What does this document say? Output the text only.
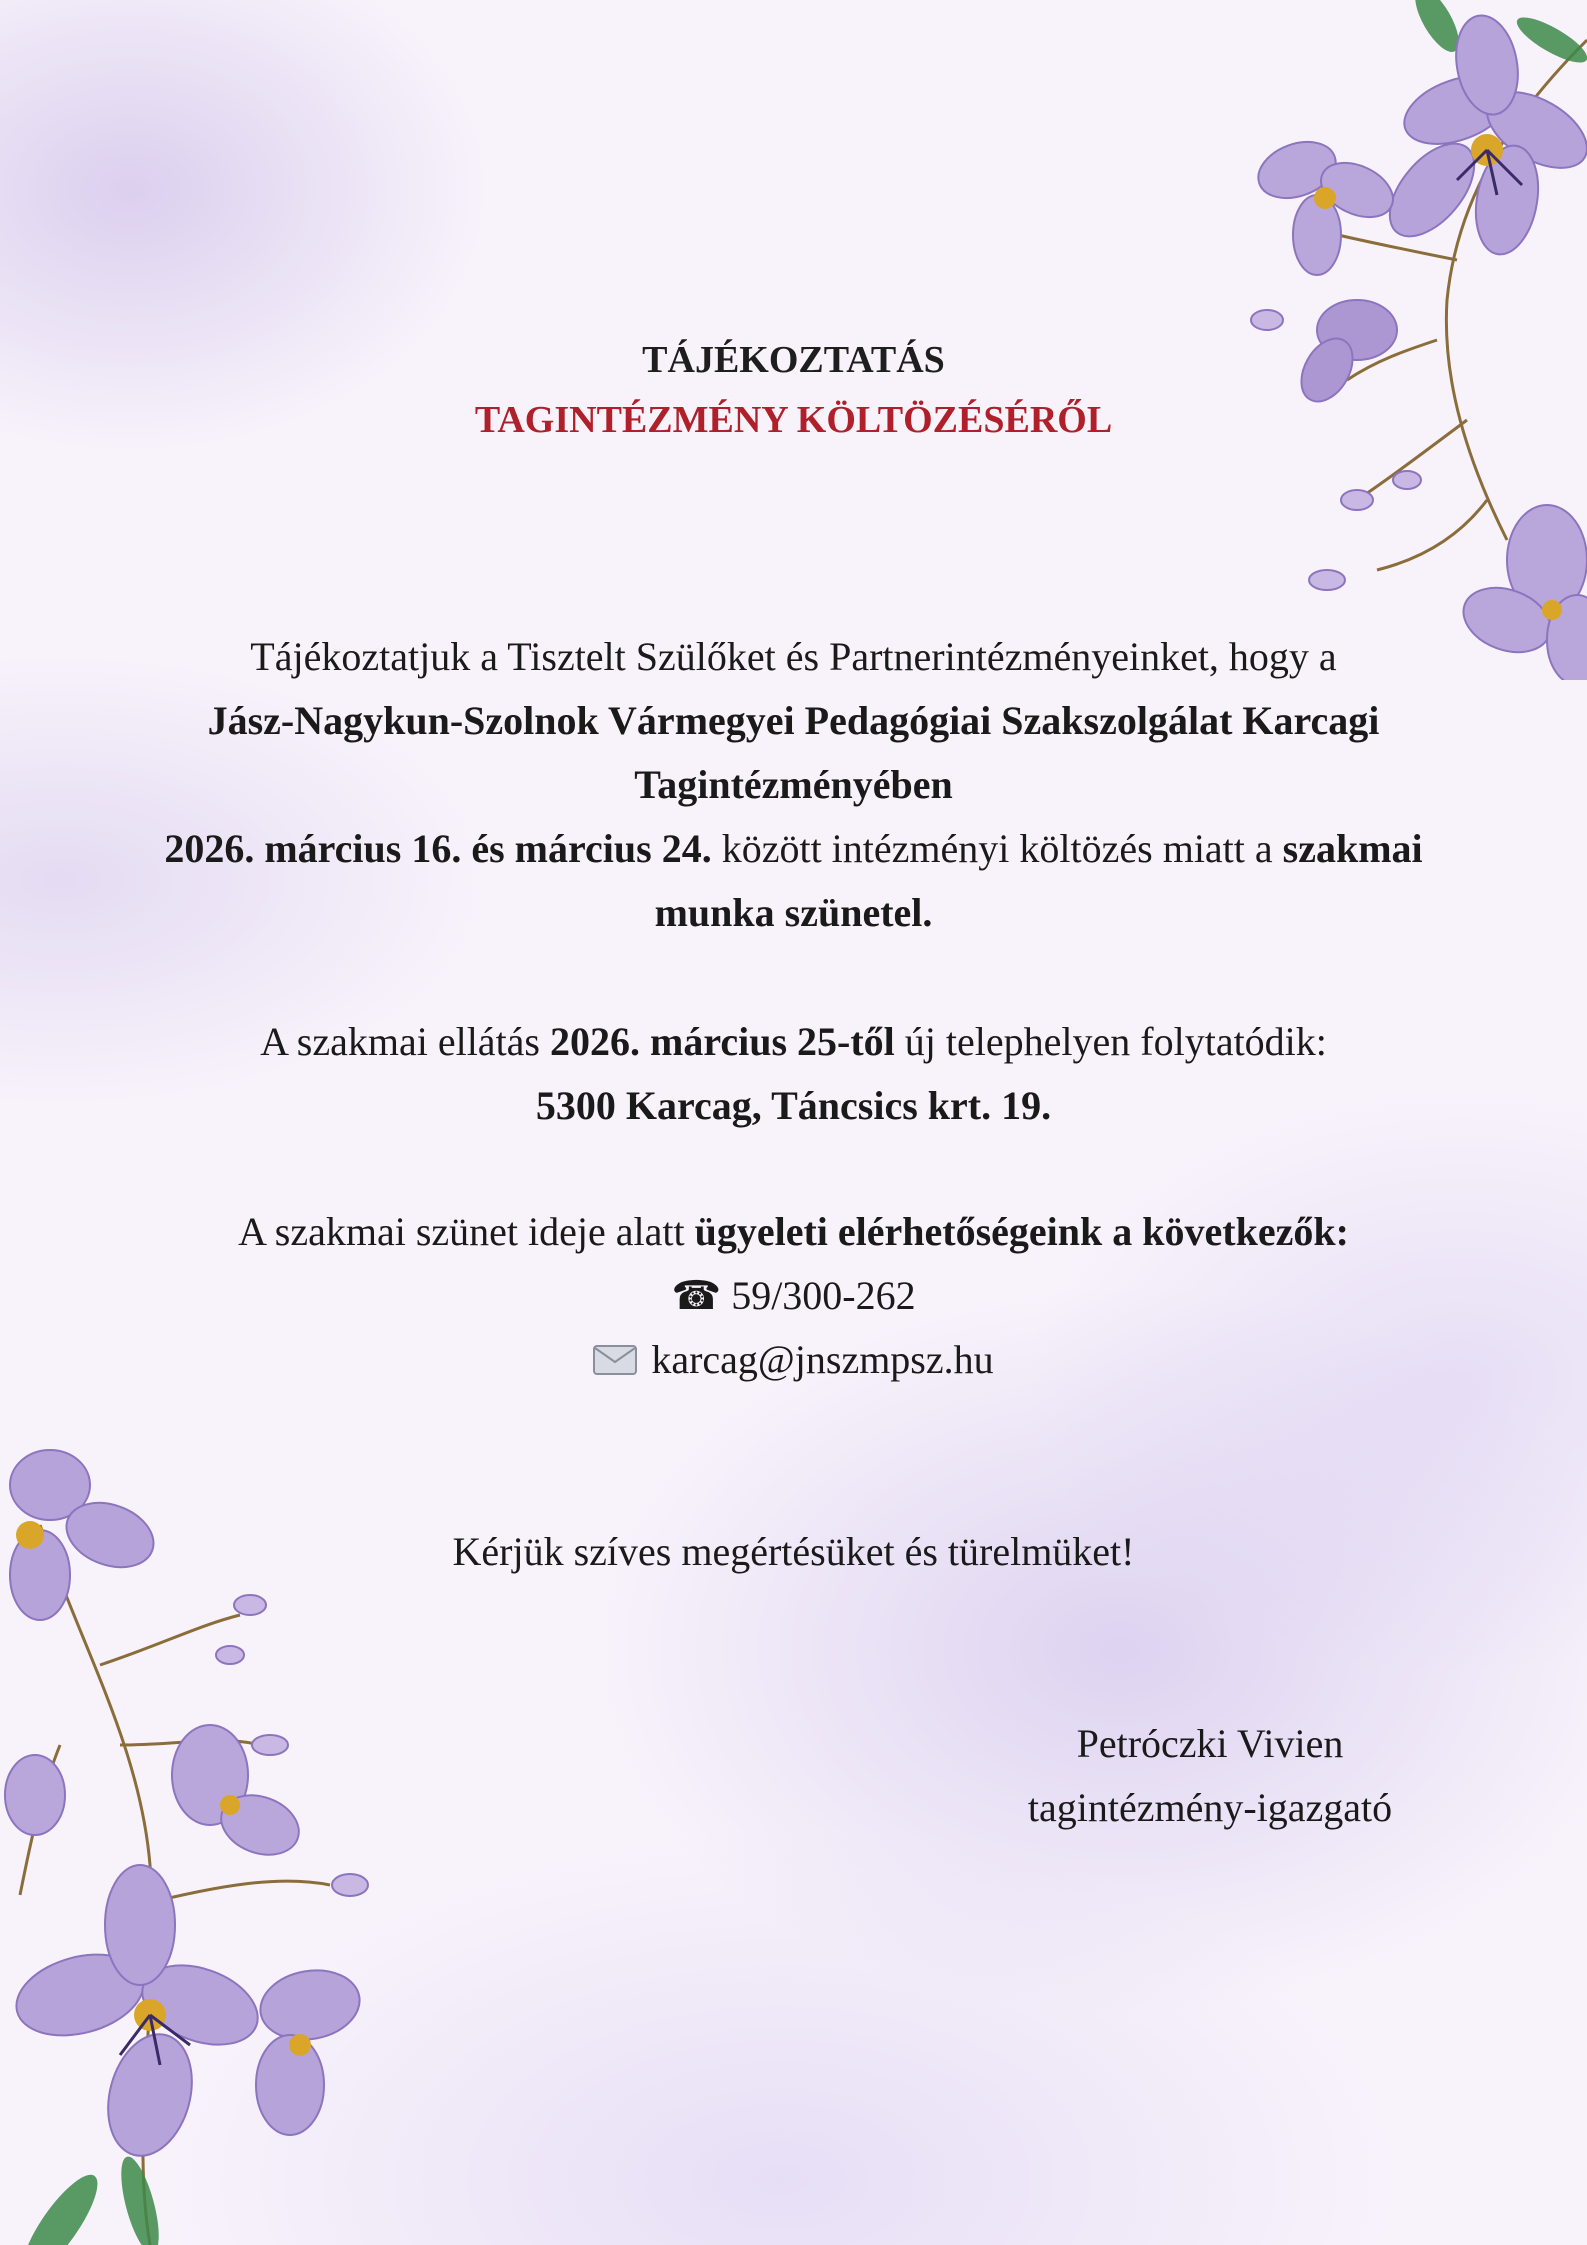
TÁJÉKOZTATÁS
TAGINTÉZMÉNY KÖLTÖZÉSÉRŐL
Tájékoztatjuk a Tisztelt Szülőket és Partnerintézményeinket, hogy a
Jász-Nagykun-Szolnok Vármegyei Pedagógiai Szakszolgálat Karcagi
Tagintézményében
2026. március 16. és március 24. között intézményi költözés miatt a szakmai
munka szünetel.
A szakmai ellátás 2026. március 25-től új telephelyen folytatódik:
5300 Karcag, Táncsics krt. 19.
A szakmai szünet ideje alatt ügyeleti elérhetőségeink a következők:
☎ 59/300-262
karcag@jnszmpsz.hu
Kérjük szíves megértésüket és türelmüket!
Petróczki Vivien
tagintézmény-igazgató
